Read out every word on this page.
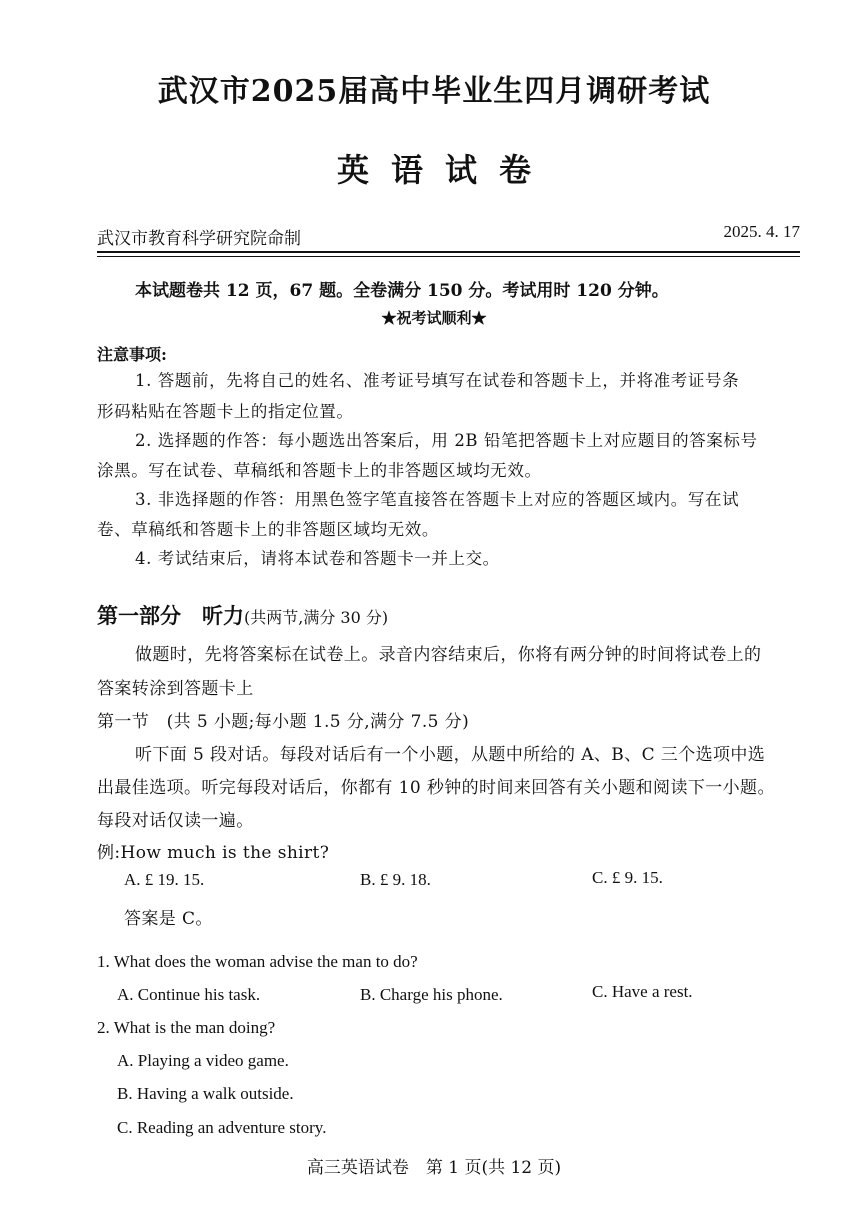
武汉市2025届高中毕业生四月调研考试
英语试卷
武汉市教育科学研究院命制	2025. 4. 17
本试题卷共 12 页，67 题。全卷满分 150 分。考试用时 120 分钟。
★祝考试顺利★
注意事项:
1. 答题前，先将自己的姓名、准考证号填写在试卷和答题卡上，并将准考证号条
形码粘贴在答题卡上的指定位置。
2. 选择题的作答：每小题选出答案后，用 2B 铅笔把答题卡上对应题目的答案标号
涂黑。写在试卷、草稿纸和答题卡上的非答题区域均无效。
3. 非选择题的作答：用黑色签字笔直接答在答题卡上对应的答题区域内。写在试
卷、草稿纸和答题卡上的非答题区域均无效。
4. 考试结束后，请将本试卷和答题卡一并上交。
第一部分　听力(共两节,满分 30 分)
做题时，先将答案标在试卷上。录音内容结束后，你将有两分钟的时间将试卷上的
答案转涂到答题卡上
第一节　(共 5 小题;每小题 1.5 分,满分 7.5 分)
听下面 5 段对话。每段对话后有一个小题，从题中所给的 A、B、C 三个选项中选
出最佳选项。听完每段对话后，你都有 10 秒钟的时间来回答有关小题和阅读下一小题。
每段对话仅读一遍。
例:How much is the shirt?
A. £ 19. 15.	B. £ 9. 18.	C. £ 9. 15.
答案是 C。
1. What does the woman advise the man to do?
A. Continue his task.	B. Charge his phone.	C. Have a rest.
2. What is the man doing?
A. Playing a video game.
B. Having a walk outside.
C. Reading an adventure story.
高三英语试卷　第 1 页(共 12 页)
